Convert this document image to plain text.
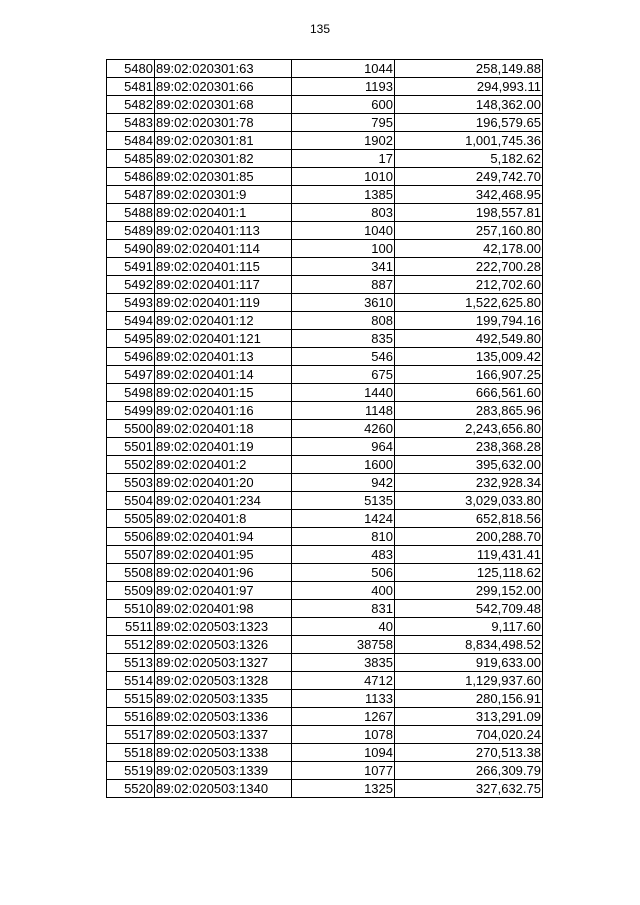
135
5480	89:02:020301:63	1044	258,149.88
5481	89:02:020301:66	1193	294,993.11
5482	89:02:020301:68	600	148,362.00
5483	89:02:020301:78	795	196,579.65
5484	89:02:020301:81	1902	1,001,745.36
5485	89:02:020301:82	17	5,182.62
5486	89:02:020301:85	1010	249,742.70
5487	89:02:020301:9	1385	342,468.95
5488	89:02:020401:1	803	198,557.81
5489	89:02:020401:113	1040	257,160.80
5490	89:02:020401:114	100	42,178.00
5491	89:02:020401:115	341	222,700.28
5492	89:02:020401:117	887	212,702.60
5493	89:02:020401:119	3610	1,522,625.80
5494	89:02:020401:12	808	199,794.16
5495	89:02:020401:121	835	492,549.80
5496	89:02:020401:13	546	135,009.42
5497	89:02:020401:14	675	166,907.25
5498	89:02:020401:15	1440	666,561.60
5499	89:02:020401:16	1148	283,865.96
5500	89:02:020401:18	4260	2,243,656.80
5501	89:02:020401:19	964	238,368.28
5502	89:02:020401:2	1600	395,632.00
5503	89:02:020401:20	942	232,928.34
5504	89:02:020401:234	5135	3,029,033.80
5505	89:02:020401:8	1424	652,818.56
5506	89:02:020401:94	810	200,288.70
5507	89:02:020401:95	483	119,431.41
5508	89:02:020401:96	506	125,118.62
5509	89:02:020401:97	400	299,152.00
5510	89:02:020401:98	831	542,709.48
5511	89:02:020503:1323	40	9,117.60
5512	89:02:020503:1326	38758	8,834,498.52
5513	89:02:020503:1327	3835	919,633.00
5514	89:02:020503:1328	4712	1,129,937.60
5515	89:02:020503:1335	1133	280,156.91
5516	89:02:020503:1336	1267	313,291.09
5517	89:02:020503:1337	1078	704,020.24
5518	89:02:020503:1338	1094	270,513.38
5519	89:02:020503:1339	1077	266,309.79
5520	89:02:020503:1340	1325	327,632.75
